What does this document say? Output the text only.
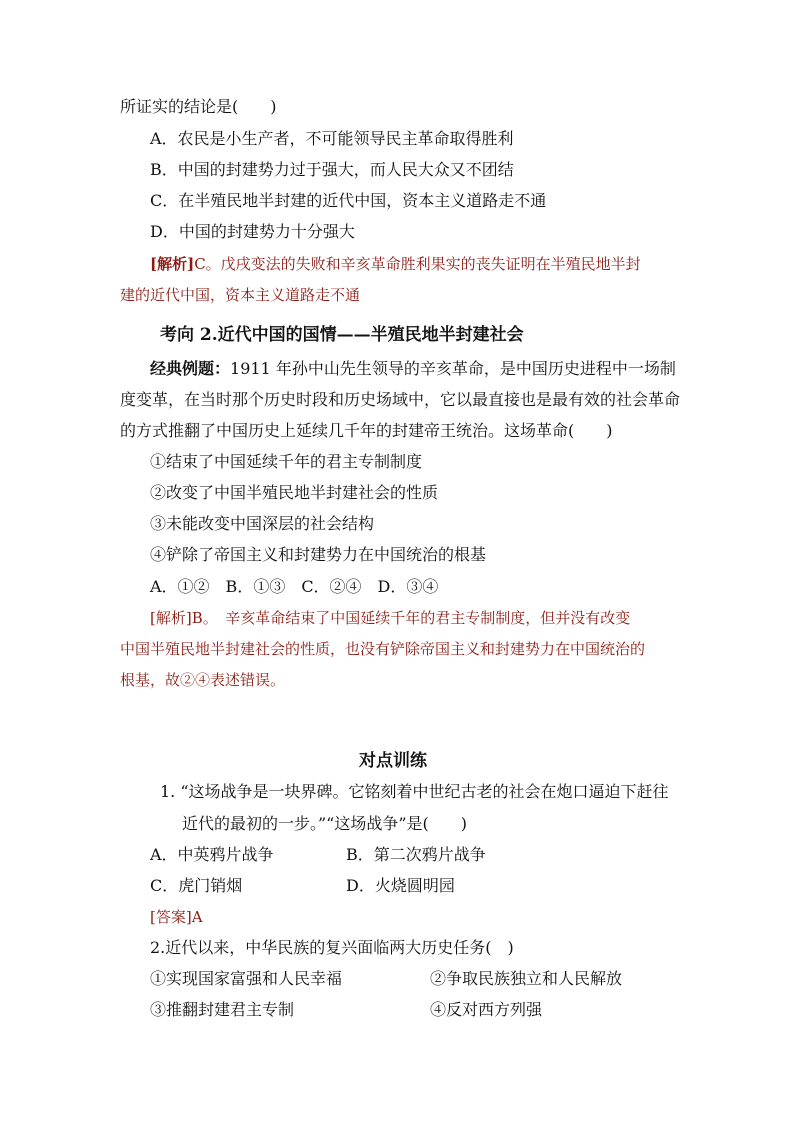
所证实的结论是(　　)
A．农民是小生产者，不可能领导民主革命取得胜利
B．中国的封建势力过于强大，而人民大众又不团结
C．在半殖民地半封建的近代中国，资本主义道路走不通
D．中国的封建势力十分强大
[解析]C。戊戌变法的失败和辛亥革命胜利果实的丧失证明在半殖民地半封
建的近代中国，资本主义道路走不通
考向 2.近代中国的国情——半殖民地半封建社会
经典例题：1911 年孙中山先生领导的辛亥革命，是中国历史进程中一场制
度变革，在当时那个历史时段和历史场域中，它以最直接也是最有效的社会革命
的方式推翻了中国历史上延续几千年的封建帝王统治。这场革命(　　)
①结束了中国延续千年的君主专制制度
②改变了中国半殖民地半封建社会的性质
③未能改变中国深层的社会结构
④铲除了帝国主义和封建势力在中国统治的根基
A．①②　B．①③　C．②④　D．③④
[解析]B。　辛亥革命结束了中国延续千年的君主专制制度，但并没有改变
中国半殖民地半封建社会的性质，也没有铲除帝国主义和封建势力在中国统治的
根基，故②④表述错误。
对点训练
1. “这场战争是一块界碑。它铭刻着中世纪古老的社会在炮口逼迫下赶往
近代的最初的一步。”“这场战争”是(　　)
A．中英鸦片战争	B．第二次鸦片战争
C．虎门销烟	D．火烧圆明园
[答案]A
2.近代以来，中华民族的复兴面临两大历史任务(　)
①实现国家富强和人民幸福	②争取民族独立和人民解放
③推翻封建君主专制	④反对西方列强
